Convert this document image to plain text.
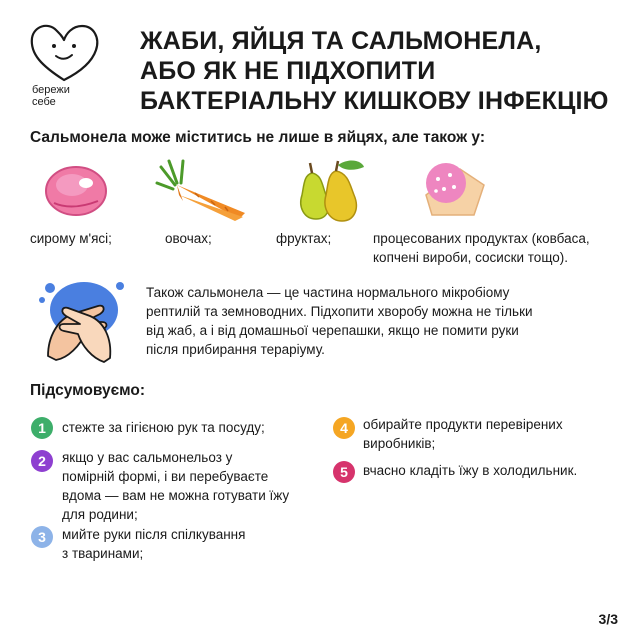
бережи
себе
ЖАБИ, ЯЙЦЯ ТА САЛЬМОНЕЛА,
АБО ЯК НЕ ПІДХОПИТИ
БАКТЕРІАЛЬНУ КИШКОВУ ІНФЕКЦІЮ
Сальмонела може міститись не лише в яйцях, але також у:
сирому м'ясі;	овочах;	фруктах;	процесованих продуктах (ковбаса,
копчені вироби, сосиски тощо).
Також сальмонела — це частина нормального мікробіому
рептилій та земноводних. Підхопити хворобу можна не тільки
від жаб, а і від домашньої черепашки, якщо не помити руки
після прибирання тераріуму.
Підсумовуємо:
1	стежте за гігієною рук та посуду;
2	якщо у вас сальмонельоз у
помірній формі, і ви перебуваєте
вдома — вам не можна готувати їжу
для родини;
3	мийте руки після спілкування
з тваринами;
4	обирайте продукти перевірених
виробників;
5	вчасно кладіть їжу в холодильник.
3/3
